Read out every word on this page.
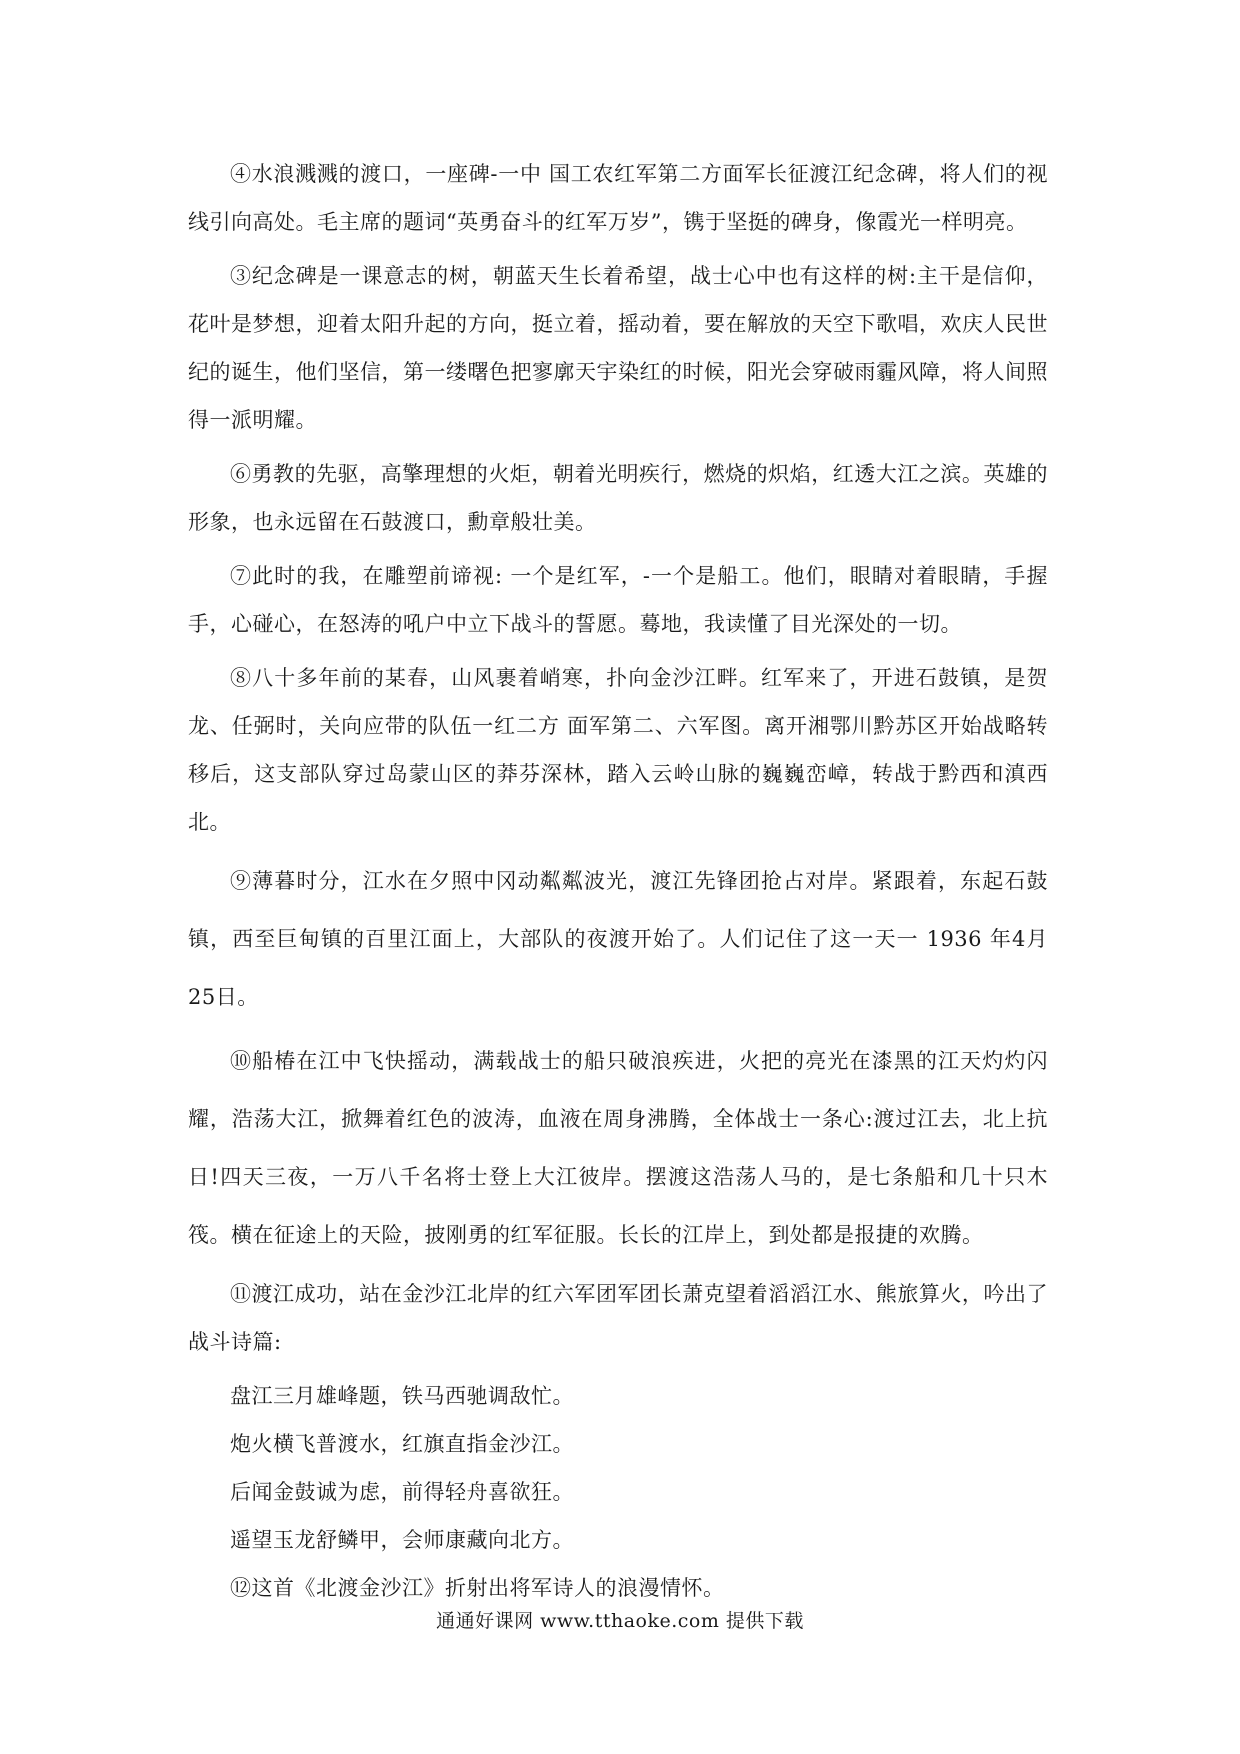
④水浪溅溅的渡口，一座碑-一中 国工农红军第二方面军长征渡江纪念碑，将人们的视线引向高处。毛主席的题词“英勇奋斗的红军万岁”，镌于坚挺的碑身，像霞光一样明亮。

③纪念碑是一课意志的树，朝蓝天生长着希望，战士心中也有这样的树:主干是信仰，花叶是梦想，迎着太阳升起的方向，挺立着，摇动着，要在解放的天空下歌唱，欢庆人民世纪的诞生，他们坚信，第一缕曙色把寥廓天宇染红的时候，阳光会穿破雨霾风障，将人间照得一派明耀。

⑥勇教的先驱，高擎理想的火炬，朝着光明疾行，燃烧的炽焰，红透大江之滨。英雄的形象，也永远留在石鼓渡口，勳章般壮美。

⑦此时的我，在雕塑前谛视: 一个是红军，-一个是船工。他们，眼睛对着眼睛，手握手，心碰心，在怒涛的吼户中立下战斗的誓愿。蓦地，我读懂了目光深处的一切。

⑧八十多年前的某春，山风裹着峭寒，扑向金沙江畔。红军来了，开进石鼓镇，是贺龙、任弼时，关向应带的队伍一红二方 面军第二、六军图。离开湘鄂川黔苏区开始战略转移后，这支部队穿过岛蒙山区的莽芬深林，踏入云岭山脉的巍巍峦嶂，转战于黔西和滇西北。

⑨薄暮时分，江水在夕照中冈动粼粼波光，渡江先锋团抢占对岸。紧跟着，东起石鼓镇，西至巨甸镇的百里江面上，大部队的夜渡开始了。人们记住了这一天一 1936 年4月25日。

⑩船椿在江中飞快摇动，满载战士的船只破浪疾进，火把的亮光在漆黑的江天灼灼闪耀，浩荡大江，掀舞着红色的波涛，血液在周身沸腾，全体战士一条心:渡过江去，北上抗日!四天三夜，一万八千名将士登上大江彼岸。摆渡这浩荡人马的，是七条船和几十只木筏。横在征途上的天险，披刚勇的红军征服。长长的江岸上，到处都是报捷的欢腾。

⑪渡江成功，站在金沙江北岸的红六军团军团长萧克望着滔滔江水、熊旅算火，吟出了战斗诗篇:

盘江三月雄峰题，铁马西驰调敌忙。

炮火横飞普渡水，红旗直指金沙江。

后闻金鼓诚为虑，前得轻舟喜欲狂。

遥望玉龙舒鳞甲，会师康藏向北方。

⑫这首《北渡金沙江》折射出将军诗人的浪漫情怀。

通通好课网 www.tthaoke.com 提供下载
